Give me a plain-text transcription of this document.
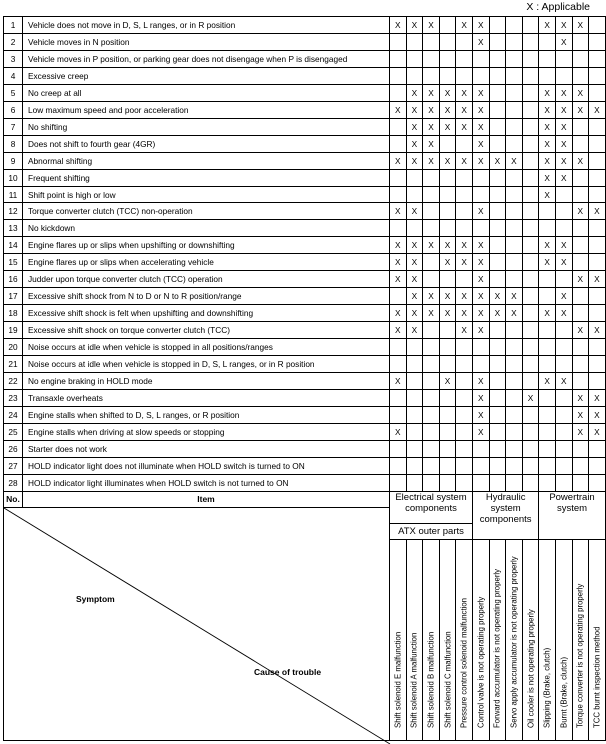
X : Applicable
1	Vehicle does not move in D, S, L ranges, or in R position	X	X	X		X	X				X	X	X	
2	Vehicle moves in N position						X					X		
3	Vehicle moves in P position, or parking gear does not disengage when P is disengaged													
4	Excessive creep													
5	No creep at all		X	X	X	X	X				X	X	X	
6	Low maximum speed and poor acceleration	X	X	X	X	X	X				X	X	X	X
7	No shifting		X	X	X	X	X				X	X		
8	Does not shift to fourth gear (4GR)		X	X			X				X	X		
9	Abnormal shifting	X	X	X	X	X	X	X	X		X	X	X	
10	Frequent shifting										X	X		
11	Shift point is high or low										X			
12	Torque converter clutch (TCC) non-operation	X	X				X						X	X
13	No kickdown													
14	Engine flares up or slips when upshifting or downshifting	X	X	X	X	X	X				X	X		
15	Engine flares up or slips when accelerating vehicle	X	X		X	X	X				X	X		
16	Judder upon torque converter clutch (TCC) operation	X	X				X						X	X
17	Excessive shift shock from N to D or N to R position/range		X	X	X	X	X	X	X			X		
18	Excessive shift shock is felt when upshifting and downshifting	X	X	X	X	X	X	X	X		X	X		
19	Excessive shift shock on torque converter clutch (TCC)	X	X			X	X						X	X
20	Noise occurs at idle when vehicle is stopped in all positions/ranges													
21	Noise occurs at idle when vehicle is stopped in D, S, L ranges, or in R position													
22	No engine braking in HOLD mode	X			X		X				X	X		
23	Transaxle overheats						X			X			X	X
24	Engine stalls when shifted to D, S, L ranges, or R position						X						X	X
25	Engine stalls when driving at slow speeds or stopping	X					X						X	X
26	Starter does not work													
27	HOLD indicator light does not illuminate when HOLD switch is turned to ON													
28	HOLD indicator light illuminates when HOLD switch is not turned to ON													
No.	Item	Electrical system components					Hydraulic system components				Powertrain system			

Symptom
Cause of trouble														

		ATX outer parts												

		Shift solenoid E malfunction	Shift solenoid A malfunction	Shift solenoid B malfunction	Shift solenoid C malfunction	Pressure control solenoid malfunction	Control valve is not operating properly	Forward accumulator is not operating properly	Servo apply accumulator is not operating properly	Oil cooler is not operating properly	Slipping (Brake, clutch)	Burnt (Brake, clutch)	Torque converter is not operating properly	TCC burnt inspection method
